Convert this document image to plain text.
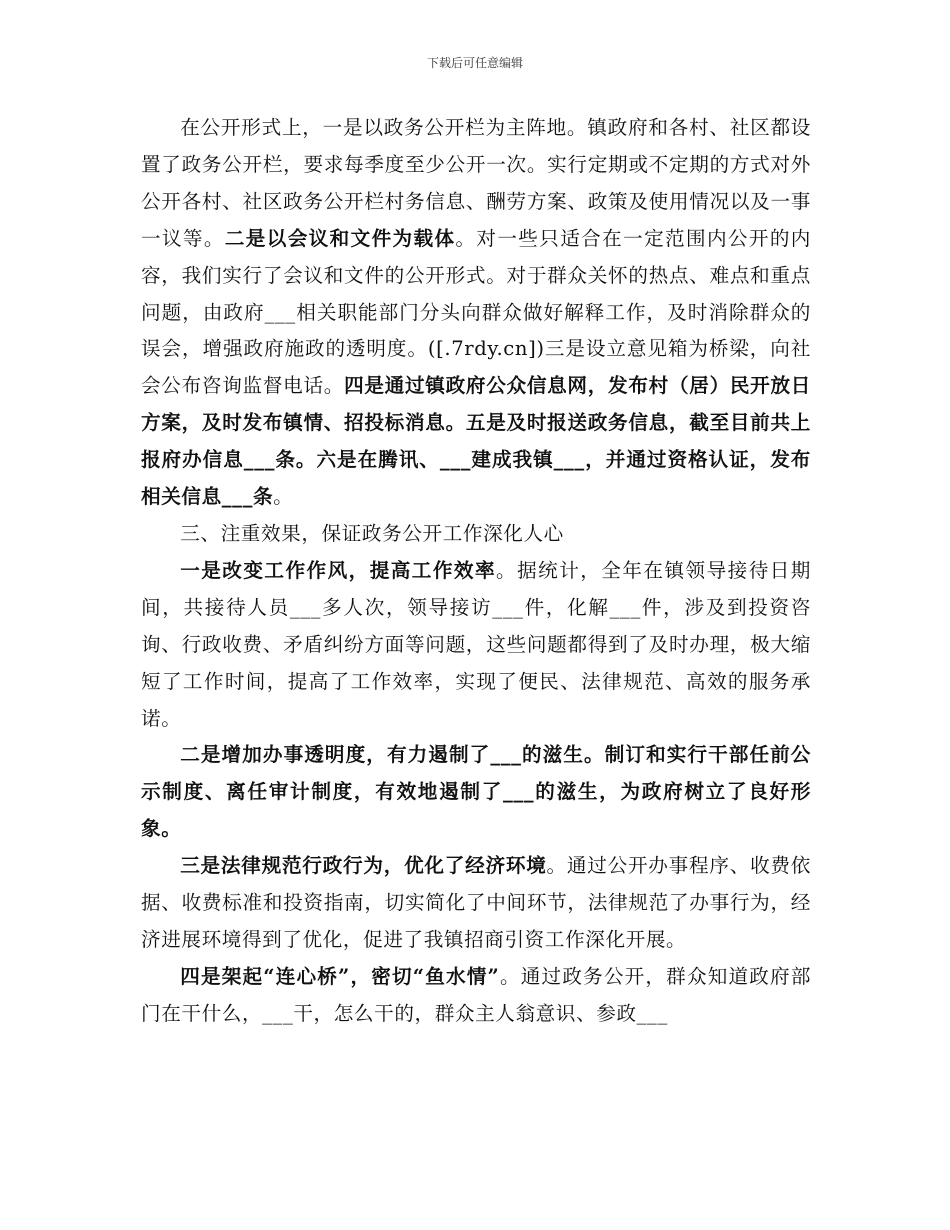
下载后可任意编辑

在公开形式上，一是以政务公开栏为主阵地。镇政府和各村、社区都设置了政务公开栏，要求每季度至少公开一次。实行定期或不定期的方式对外公开各村、社区政务公开栏村务信息、酬劳方案、政策及使用情况以及一事一议等。二是以会议和文件为载体。对一些只适合在一定范围内公开的内容，我们实行了会议和文件的公开形式。对于群众关怀的热点、难点和重点问题，由政府___相关职能部门分头向群众做好解释工作，及时消除群众的误会，增强政府施政的透明度。([.7rdy.cn])三是设立意见箱为桥梁，向社会公布咨询监督电话。四是通过镇政府公众信息网，发布村（居）民开放日方案，及时发布镇情、招投标消息。五是及时报送政务信息，截至目前共上报府办信息___条。六是在腾讯、___建成我镇___，并通过资格认证，发布相关信息___条。

三、注重效果，保证政务公开工作深化人心

一是改变工作作风，提高工作效率。据统计，全年在镇领导接待日期间，共接待人员___多人次，领导接访___件，化解___件，涉及到投资咨询、行政收费、矛盾纠纷方面等问题，这些问题都得到了及时办理，极大缩短了工作时间，提高了工作效率，实现了便民、法律规范、高效的服务承诺。

二是增加办事透明度，有力遏制了___的滋生。制订和实行干部任前公示制度、离任审计制度，有效地遏制了___的滋生，为政府树立了良好形象。

三是法律规范行政行为，优化了经济环境。通过公开办事程序、收费依据、收费标准和投资指南，切实简化了中间环节，法律规范了办事行为，经济进展环境得到了优化，促进了我镇招商引资工作深化开展。

四是架起“连心桥”，密切“鱼水情”。通过政务公开，群众知道政府部门在干什么，___干，怎么干的，群众主人翁意识、参政___
